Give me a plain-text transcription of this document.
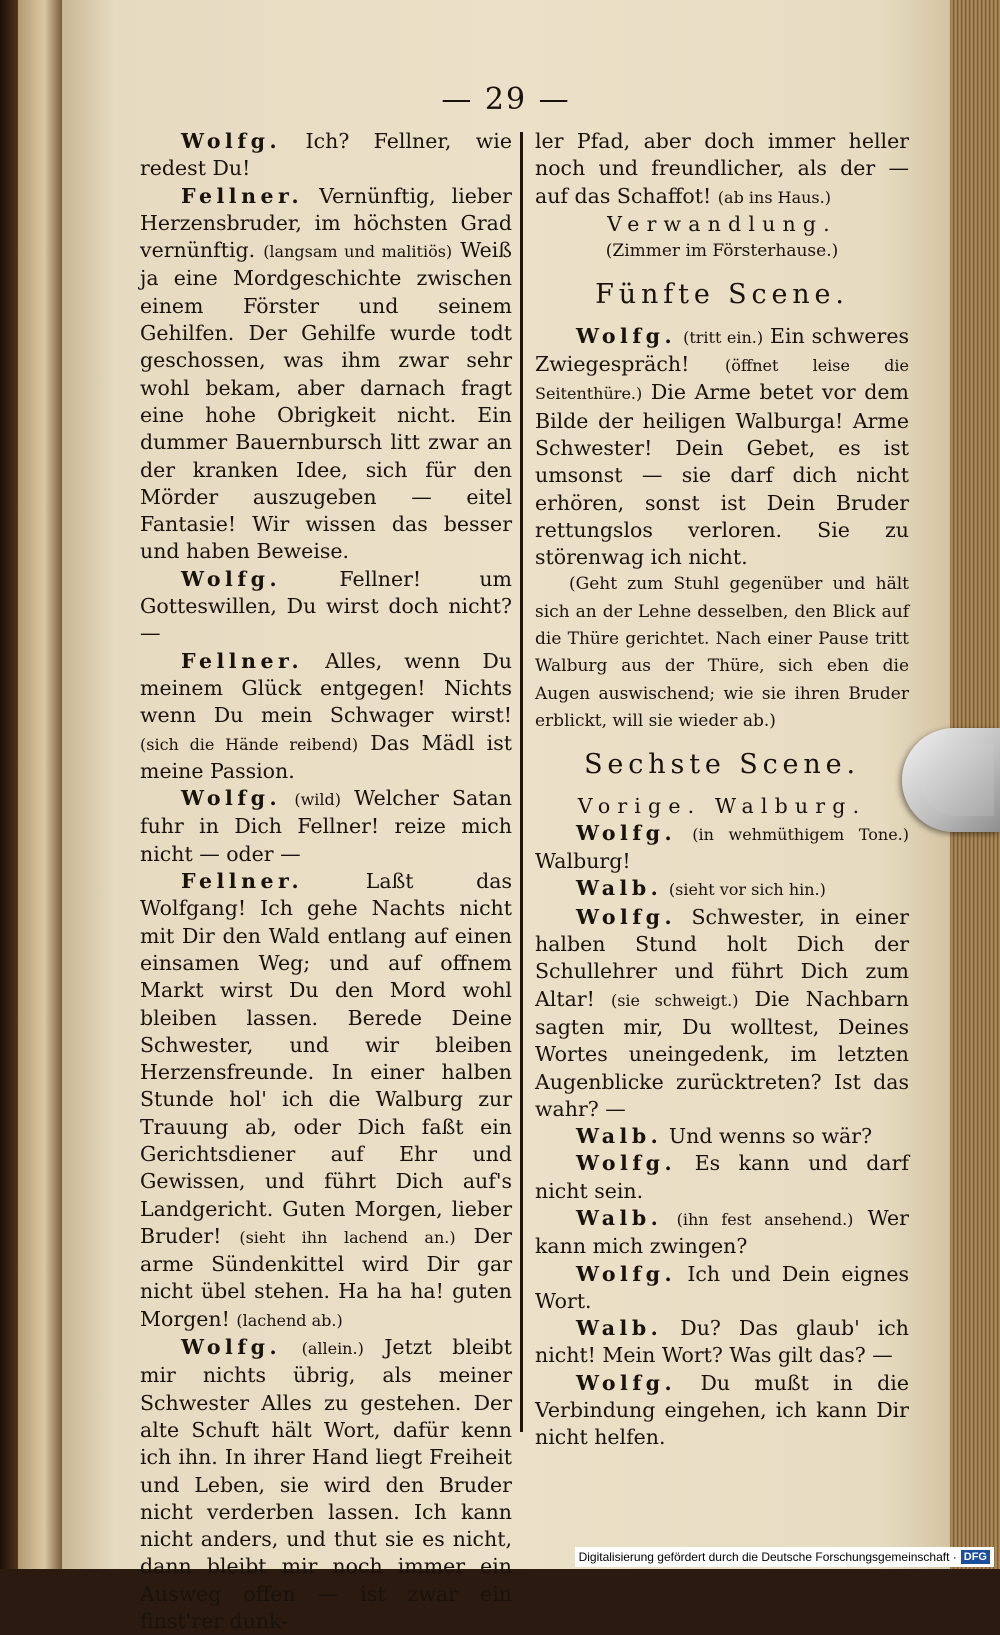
— 29 —

Wolfg. Ich? Fellner, wie redest Du!

Fellner. Vernünftig, lieber Herzensbruder, im höchsten Grad vernünftig. (langsam und malitiös) Weiß ja eine Mordgeschichte zwischen einem Förster und seinem Gehilfen. Der Gehilfe wurde todt geschossen, was ihm zwar sehr wohl bekam, aber darnach fragt eine hohe Obrigkeit nicht. Ein dummer Bauernbursch litt zwar an der kranken Idee, sich für den Mörder auszugeben — eitel Fantasie! Wir wissen das besser und haben Beweise.

Wolfg.	Fellner! um Gotteswillen, Du wirst doch nicht? —

Fellner. Alles, wenn Du meinem Glück entgegen! Nichts wenn Du mein Schwager wirst! (sich die Hände reibend) Das Mädl ist meine Passion.

Wolfg. (wild) Welcher Satan fuhr in Dich Fellner! reize mich nicht — oder —

Fellner.	Laßt das Wolfgang! Ich gehe Nachts nicht mit Dir den Wald entlang auf einen einsamen Weg; und auf offnem Markt wirst Du den Mord wohl bleiben lassen. Berede Deine Schwester, und wir bleiben Herzensfreunde. In einer halben Stunde hol' ich die Walburg zur Trauung ab, oder Dich faßt ein Gerichtsdiener auf Ehr und Gewissen, und führt Dich auf's Landgericht. Guten Morgen, lieber Bruder! (sieht ihn lachend an.) Der arme Sündenkittel wird Dir gar nicht übel stehen. Ha ha ha! guten Morgen! (lachend ab.)

Wolfg. (allein.) Jetzt bleibt mir nichts übrig, als meiner Schwester Alles zu gestehen. Der alte Schuft hält Wort, dafür kenn ich ihn. In ihrer Hand liegt Freiheit und Leben, sie wird den Bruder nicht verderben lassen. Ich kann nicht anders, und thut sie es nicht, dann bleibt mir noch immer ein Ausweg offen — ist zwar ein finst'rer dunk-

ler Pfad, aber doch immer heller noch und freundlicher, als der — auf das Schaffot! (ab ins Haus.)

Verwandlung.

(Zimmer im Försterhause.)

Fünfte Scene.

Wolfg. (tritt ein.) Ein schweres Zwiegespräch! (öffnet leise die Seitenthüre.) Die Arme betet vor dem Bilde der heiligen Walburga! Arme Schwester! Dein Gebet, es ist umsonst — sie darf dich nicht erhören, sonst ist Dein Bruder rettungslos verloren. Sie zu störenwag ich nicht.

(Geht zum Stuhl gegenüber und hält sich an der Lehne desselben, den Blick auf die Thüre gerichtet. Nach einer Pause tritt Walburg aus der Thüre, sich eben die Augen auswischend; wie sie ihren Bruder erblickt, will sie wieder ab.)

Sechste Scene.

Vorige. Walburg.

Wolfg. (in wehmüthigem Tone.) Walburg!

Walb. (sieht vor sich hin.)

Wolfg. Schwester, in einer halben Stund holt Dich der Schullehrer und führt Dich zum Altar! (sie schweigt.) Die Nachbarn sagten mir, Du wolltest, Deines Wortes uneingedenk, im letzten Augenblicke zurücktreten? Ist das wahr? —

Walb. Und wenns so wär?

Wolfg. Es kann und darf nicht sein.

Walb. (ihn fest ansehend.) Wer kann mich zwingen?

Wolfg. Ich und Dein eignes Wort.

Walb. Du? Das glaub' ich nicht! Mein Wort? Was gilt das? —

Wolfg. Du mußt in die Verbindung eingehen, ich kann Dir nicht helfen.

Digitalisierung gefördert durch die Deutsche Forschungsgemeinschaft · DFG
